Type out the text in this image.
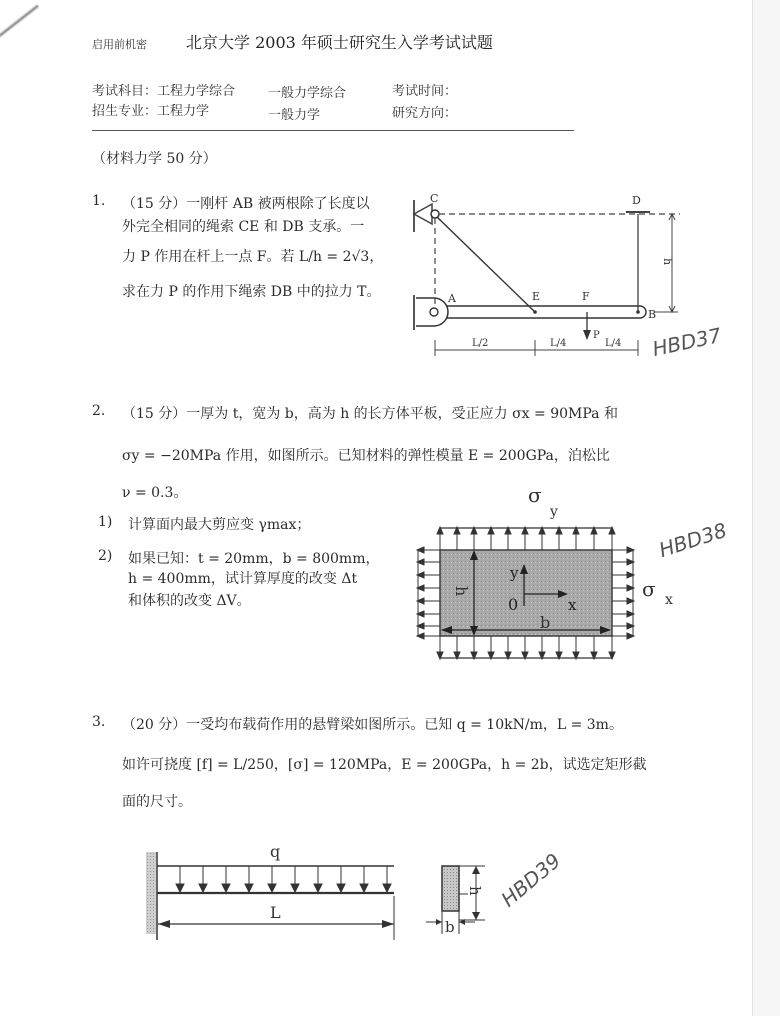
启用前机密 北京大学 2003 年硕士研究生入学考试试题
考试科目：工程力学综合	一般力学综合	考试时间：
招生专业：工程力学	一般力学	研究方向：
（材料力学 50 分）
1. （15 分）一刚杆 AB 被两根除了长度以
外完全相同的绳索 CE 和 DB 支承。一
力 P 作用在杆上一点 F。若 L/h = 2√3，
求在力 P 的作用下绳索 DB 中的拉力 T。
C	D
A	E	F
B
P
h
L/2	L/4	L/4 HBD37
2. （15 分）一厚为 t，宽为 b，高为 h 的长方体平板，受正应力 σx = 90MPa 和
σy = −20MPa 作用，如图所示。已知材料的弹性模量 E = 200GPa，泊松比
ν = 0.3。
1) 计算面内最大剪应变 γmax；
2) 如果已知：t = 20mm，b = 800mm，
h = 400mm，试计算厚度的改变 Δt
和体积的改变 ΔV。
σ
y
h
b
y
x
0
σ x
HBD38
3. （20 分）一受均布载荷作用的悬臂梁如图所示。已知 q = 10kN/m，L = 3m。
如许可挠度 [f] = L/250，[σ] = 120MPa，E = 200GPa，h = 2b，试选定矩形截
面的尺寸。
q
L
h
b
HBD39
